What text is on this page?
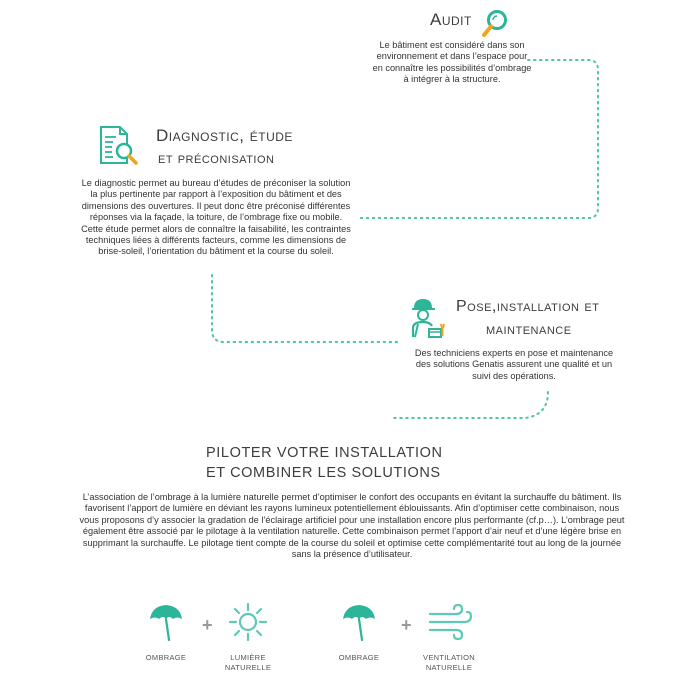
Audit
Le bâtiment est considéré dans son environnement et dans l’espace pour en connaître les possibilités d’ombrage à intégrer à la structure.
Diagnostic, étude
et préconisation
Le diagnostic permet au bureau d’études de préconiser la solution la plus pertinente par rapport à l’exposition du bâtiment et des dimensions des ouvertures. Il peut donc être préconisé différentes réponses via la façade, la toiture, de l’ombrage fixe ou mobile. Cette étude permet alors de connaître la faisabilité, les contraintes techniques liées à différents facteurs, comme les dimensions de brise-soleil, l’orientation du bâtiment et la course du soleil.
Pose,installation et
maintenance
Des techniciens experts en pose et maintenance des solutions Genatis assurent une qualité et un suivi des opérations.
PILOTER VOTRE INSTALLATION
ET COMBINER LES SOLUTIONS
L’association de l’ombrage à la lumière naturelle permet d’optimiser le confort des occupants en évitant la surchauffe du bâtiment. Ils favorisent l’apport de lumière en déviant les rayons lumineux potentiellement éblouissants. Afin d’optimiser cette combinaison, nous vous proposons d’y associer la gradation de l’éclairage artificiel pour une installation encore plus performante (cf.p…). L’ombrage peut également être associé par le pilotage à la ventilation naturelle. Cette combinaison permet l’apport d’air neuf et d’une légère brise en supprimant la surchauffe. Le pilotage tient compte de la course du soleil et optimise cette complémentarité tout au long de la journée sans la présence d’utilisateur.
+	+
OMBRAGE	LUMIÈRE
NATURELLE
OMBRAGE	VENTILATION
NATURELLE
